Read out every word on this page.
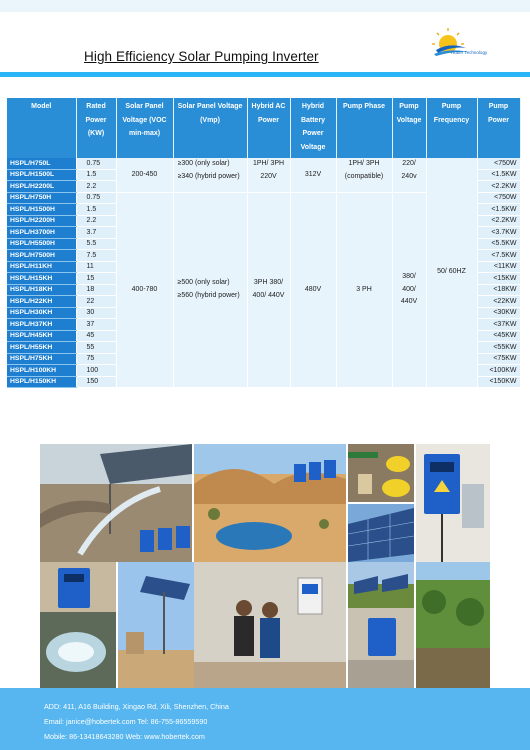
High Efficiency Solar Pumping Inverter	Hober Technology
Model	Rated Power (KW)	Solar Panel Voltage (VOC min-max)	Solar Panel Voltage (Vmp)	Hybrid AC Power	Hybrid Battery Power Voltage	Pump Phase	Pump Voltage	Pump Frequency	Pump Power
HSPL/H750L	0.75	200-450	≥300 (only solar) ≥340 (hybrid power)	1PH/ 3PH 220V	312V	1PH/ 3PH (compatible)	220/ 240v	50/ 60HZ	<750W
HSPL/H1500L	1.5								<1.5KW
HSPL/H2200L	2.2								<2.2KW
HSPL/H750H	0.75	400-780	≥500 (only solar) ≥560 (hybrid power)	3PH 380/ 400/ 440V	480V	3 PH	380/ 400/ 440V		<750W
HSPL/H1500H	1.5								<1.5KW
HSPL/H2200H	2.2								<2.2KW
HSPL/H3700H	3.7								<3.7KW
HSPL/H5500H	5.5								<5.5KW
HSPL/H7500H	7.5								<7.5KW
HSPL/H11KH	11								<11KW
HSPL/H15KH	15								<15KW
HSPL/H18KH	18								<18KW
HSPL/H22KH	22								<22KW
HSPL/H30KH	30								<30KW
HSPL/H37KH	37								<37KW
HSPL/H45KH	45								<45KW
HSPL/H55KH	55								<55KW
HSPL/H75KH	75								<75KW
HSPL/H100KH	100								<100KW
HSPL/H150KH	150								<150KW
ADD: 411, A16 Building, Xingao Rd, Xili, Shenzhen, China
Email: janice@hobertek.com Tel: 86-755-86559590
Mobile: 86-13418643280 Web: www.hobertek.com
